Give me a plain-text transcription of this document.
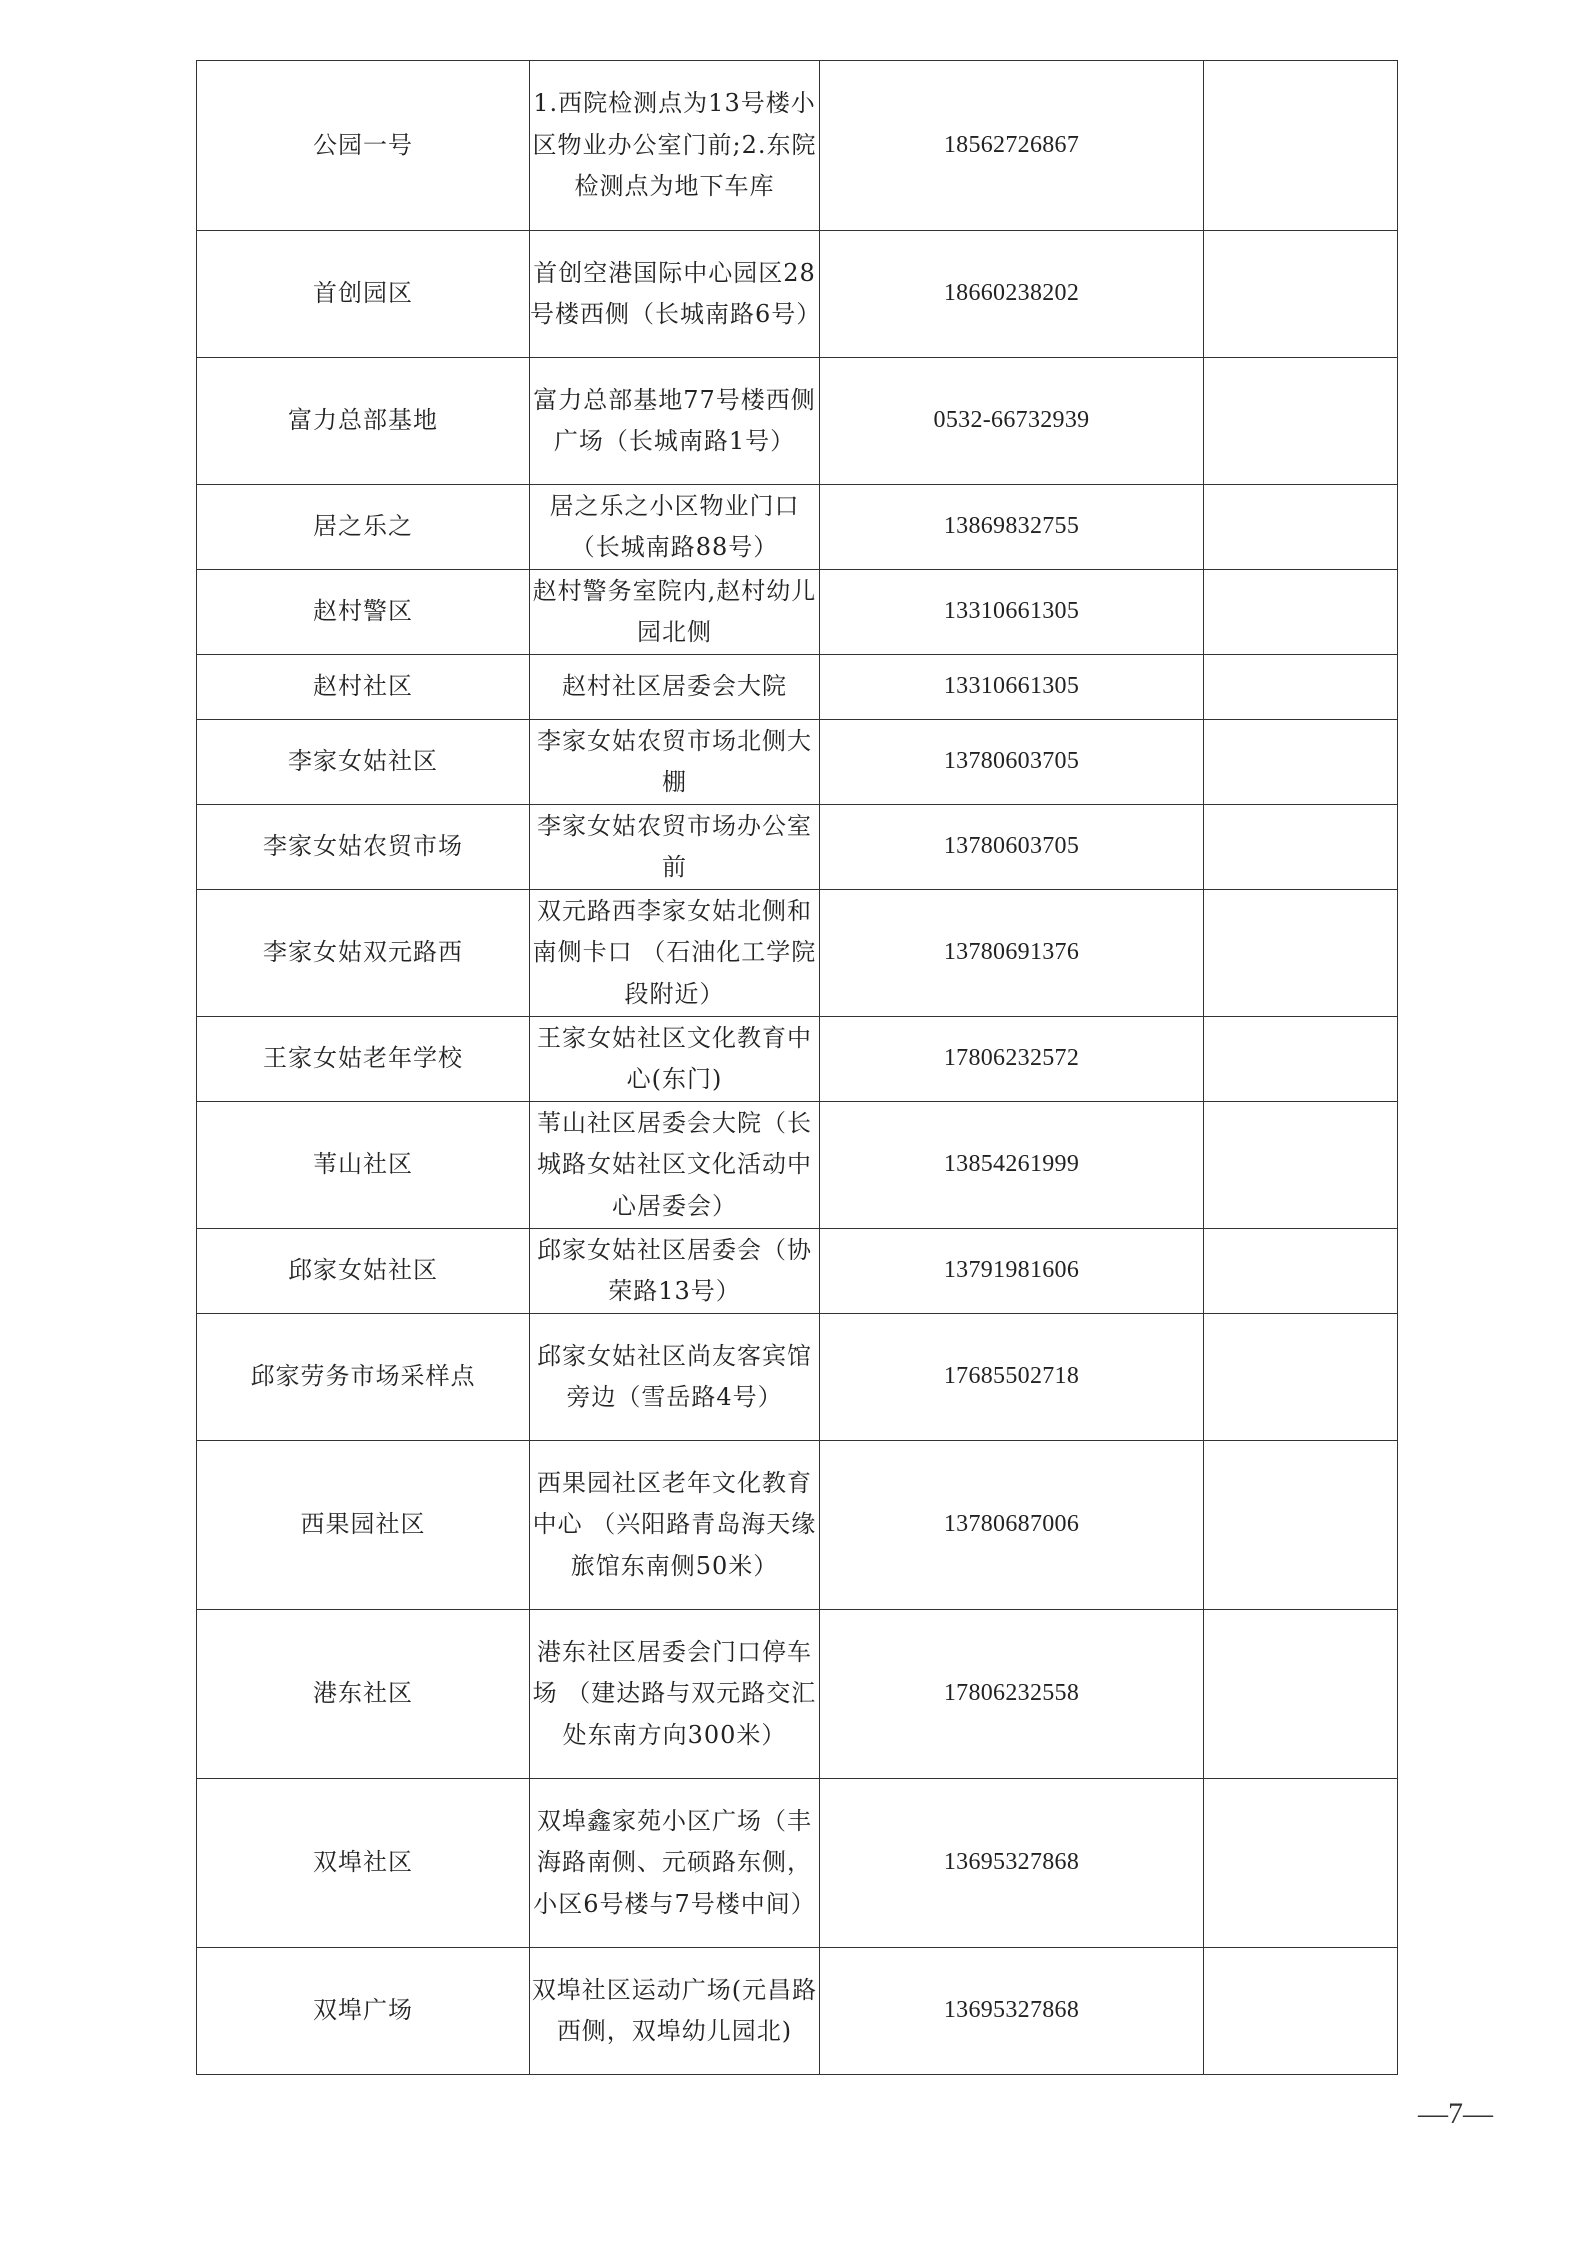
公园一号	1.西院检测点为13号楼小区物业办公室门前;2.东院检测点为地下车库	18562726867	
首创园区	首创空港国际中心园区28号楼西侧（长城南路6号）	18660238202	
富力总部基地	富力总部基地77号楼西侧广场（长城南路1号）	0532-66732939	
居之乐之	居之乐之小区物业门口（长城南路88号）	13869832755	
赵村警区	赵村警务室院内,赵村幼儿园北侧	13310661305	
赵村社区	赵村社区居委会大院	13310661305	
李家女姑社区	李家女姑农贸市场北侧大棚	13780603705	
李家女姑农贸市场	李家女姑农贸市场办公室前	13780603705	
李家女姑双元路西	双元路西李家女姑北侧和南侧卡口 （石油化工学院段附近）	13780691376	
王家女姑老年学校	王家女姑社区文化教育中心(东门)	17806232572	
苇山社区	苇山社区居委会大院（长城路女姑社区文化活动中心居委会）	13854261999	
邱家女姑社区	邱家女姑社区居委会（协荣路13号）	13791981606	
邱家劳务市场采样点	邱家女姑社区尚友客宾馆旁边（雪岳路4号）	17685502718	
西果园社区	西果园社区老年文化教育中心 （兴阳路青岛海天缘旅馆东南侧50米）	13780687006	
港东社区	港东社区居委会门口停车场 （建达路与双元路交汇处东南方向300米）	17806232558	
双埠社区	双埠鑫家苑小区广场（丰海路南侧、元硕路东侧，小区6号楼与7号楼中间）	13695327868	
双埠广场	双埠社区运动广场(元昌路西侧，双埠幼儿园北)	13695327868	
—7—
